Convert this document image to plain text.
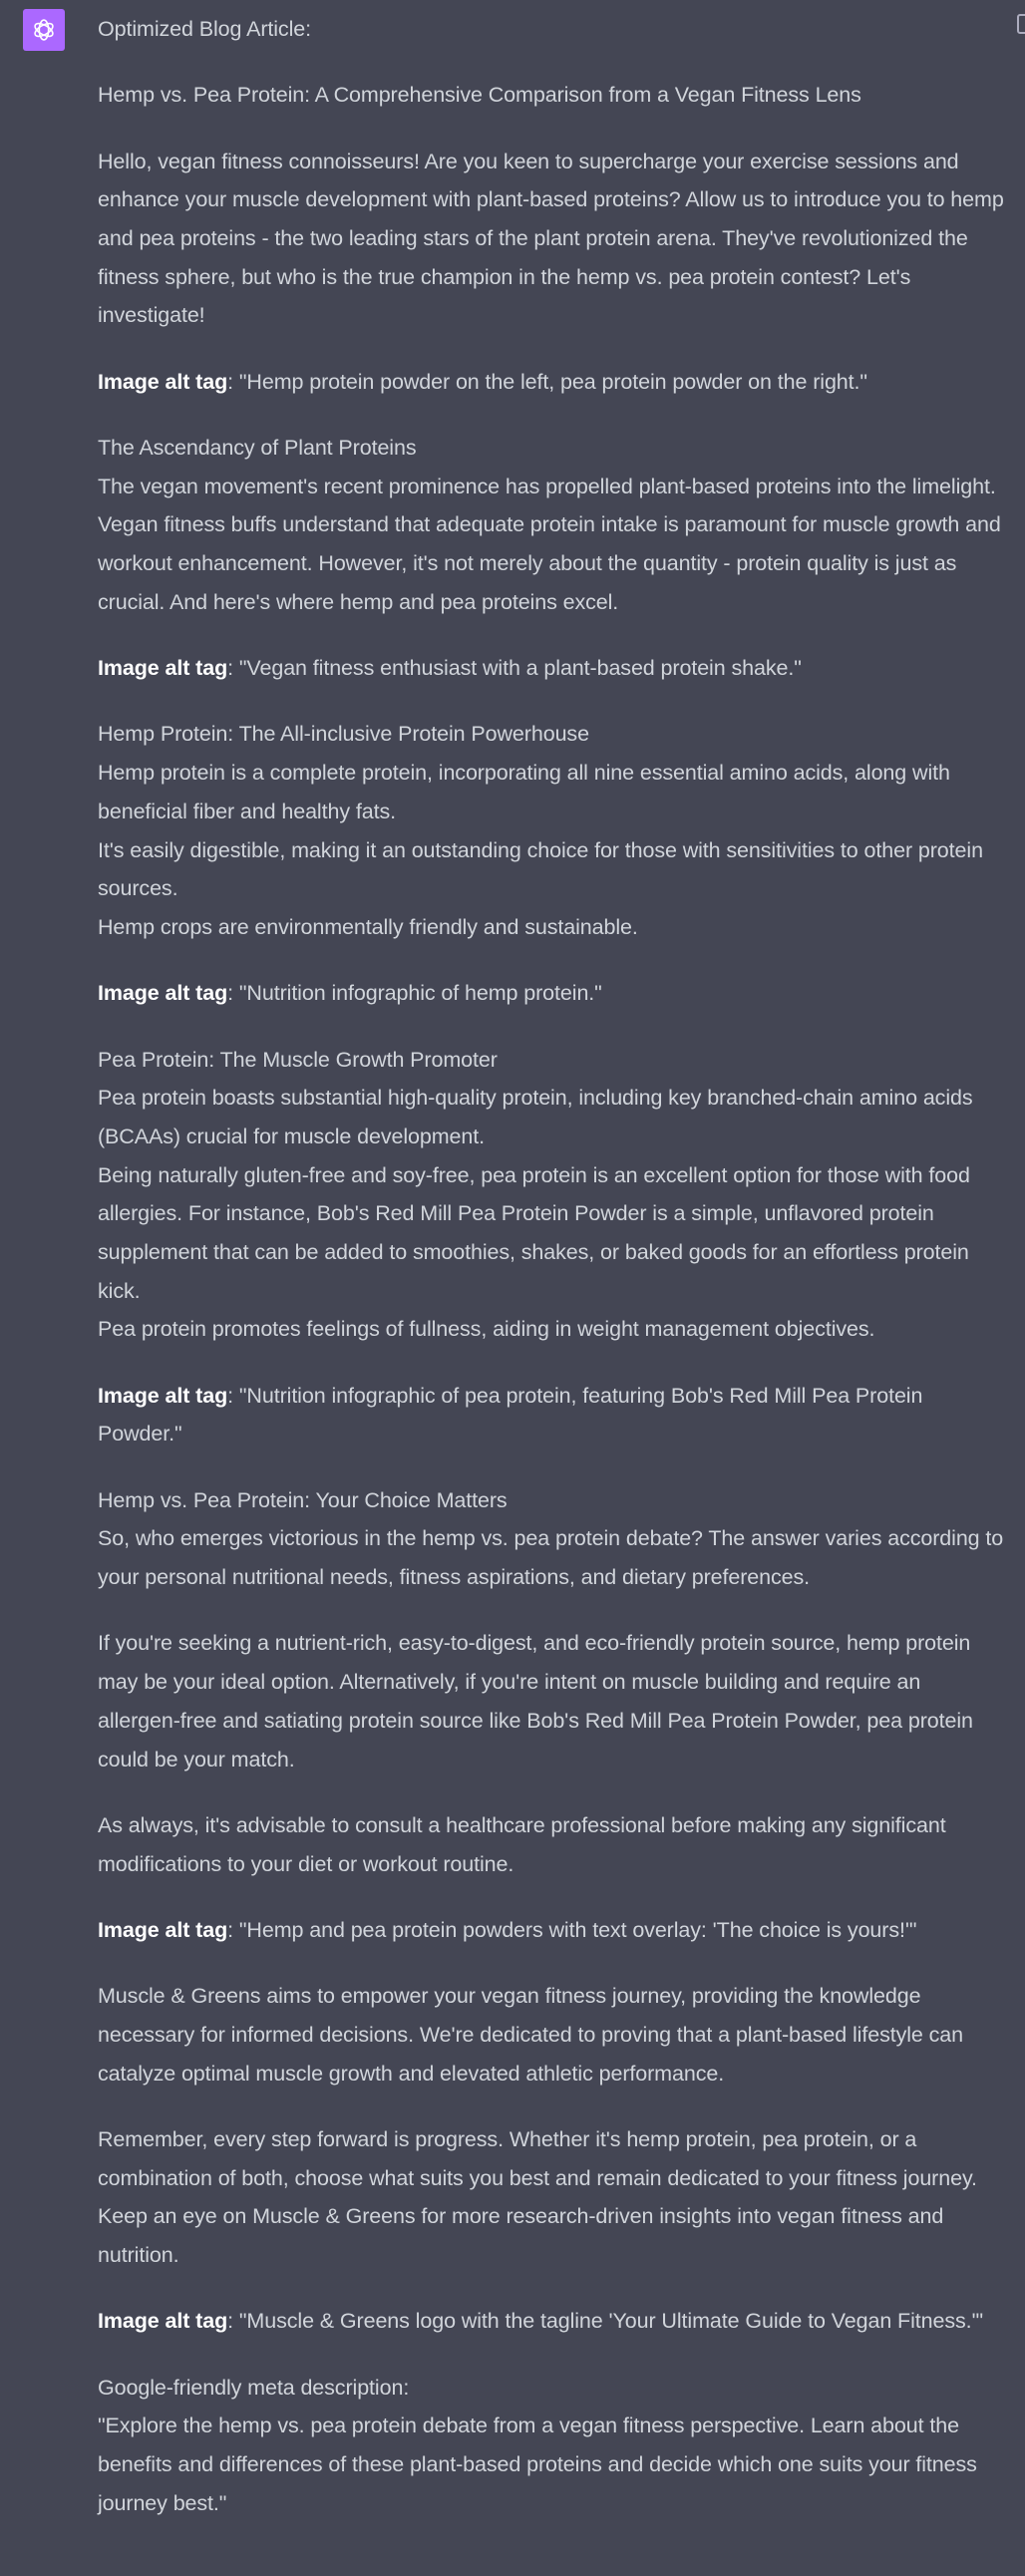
Optimized Blog Article:

Hemp vs. Pea Protein: A Comprehensive Comparison from a Vegan Fitness Lens

Hello, vegan fitness connoisseurs! Are you keen to supercharge your exercise sessions and enhance your muscle development with plant-based proteins? Allow us to introduce you to hemp and pea proteins - the two leading stars of the plant protein arena. They've revolutionized the fitness sphere, but who is the true champion in the hemp vs. pea protein contest? Let's investigate!

Image alt tag: "Hemp protein powder on the left, pea protein powder on the right."

The Ascendancy of Plant Proteins

The vegan movement's recent prominence has propelled plant-based proteins into the limelight. Vegan fitness buffs understand that adequate protein intake is paramount for muscle growth and workout enhancement. However, it's not merely about the quantity - protein quality is just as crucial. And here's where hemp and pea proteins excel.

Image alt tag: "Vegan fitness enthusiast with a plant-based protein shake."

Hemp Protein: The All-inclusive Protein Powerhouse

Hemp protein is a complete protein, incorporating all nine essential amino acids, along with beneficial fiber and healthy fats.

It's easily digestible, making it an outstanding choice for those with sensitivities to other protein sources.

Hemp crops are environmentally friendly and sustainable.

Image alt tag: "Nutrition infographic of hemp protein."

Pea Protein: The Muscle Growth Promoter

Pea protein boasts substantial high-quality protein, including key branched-chain amino acids (BCAAs) crucial for muscle development.

Being naturally gluten-free and soy-free, pea protein is an excellent option for those with food allergies. For instance, Bob's Red Mill Pea Protein Powder is a simple, unflavored protein supplement that can be added to smoothies, shakes, or baked goods for an effortless protein kick.

Pea protein promotes feelings of fullness, aiding in weight management objectives.

Image alt tag: "Nutrition infographic of pea protein, featuring Bob's Red Mill Pea Protein Powder."

Hemp vs. Pea Protein: Your Choice Matters

So, who emerges victorious in the hemp vs. pea protein debate? The answer varies according to your personal nutritional needs, fitness aspirations, and dietary preferences.

If you're seeking a nutrient-rich, easy-to-digest, and eco-friendly protein source, hemp protein may be your ideal option. Alternatively, if you're intent on muscle building and require an allergen-free and satiating protein source like Bob's Red Mill Pea Protein Powder, pea protein could be your match.

As always, it's advisable to consult a healthcare professional before making any significant modifications to your diet or workout routine.

Image alt tag: "Hemp and pea protein powders with text overlay: 'The choice is yours!'"

Muscle & Greens aims to empower your vegan fitness journey, providing the knowledge necessary for informed decisions. We're dedicated to proving that a plant-based lifestyle can catalyze optimal muscle growth and elevated athletic performance.

Remember, every step forward is progress. Whether it's hemp protein, pea protein, or a combination of both, choose what suits you best and remain dedicated to your fitness journey. Keep an eye on Muscle & Greens for more research-driven insights into vegan fitness and nutrition.

Image alt tag: "Muscle & Greens logo with the tagline 'Your Ultimate Guide to Vegan Fitness.'"

Google-friendly meta description:

"Explore the hemp vs. pea protein debate from a vegan fitness perspective. Learn about the benefits and differences of these plant-based proteins and decide which one suits your fitness journey best."
